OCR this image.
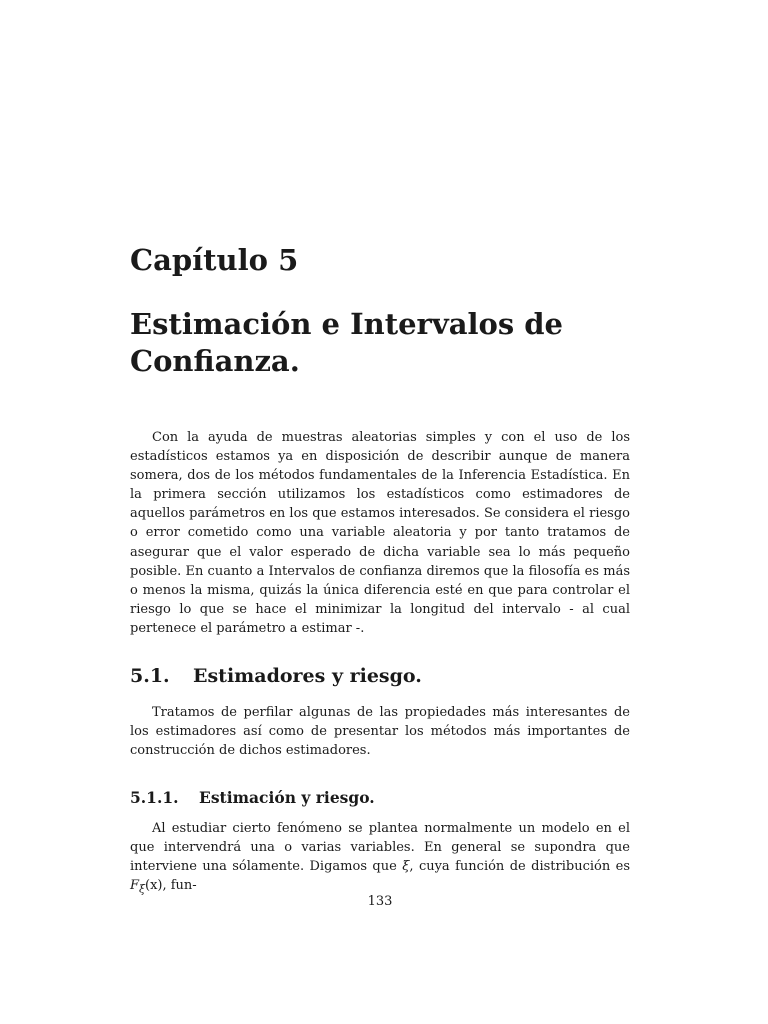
Capítulo 5
Estimación e Intervalos de Confianza.

Con la ayuda de muestras aleatorias simples y con el uso de los estadísticos estamos ya en disposición de describir aunque de manera somera, dos de los métodos fundamentales de la Inferencia Estadística. En la primera sección utilizamos los estadísticos como estimadores de aquellos parámetros en los que estamos interesados. Se considera el riesgo o error cometido como una variable aleatoria y por tanto tratamos de asegurar que el valor esperado de dicha variable sea lo más pequeño posible. En cuanto a Intervalos de confianza diremos que la filosofía es más o menos la misma, quizás la única diferencia esté en que para controlar el riesgo lo que se hace el minimizar la longitud del intervalo - al cual pertenece el parámetro a estimar -.

5.1. Estimadores y riesgo.

Tratamos de perfilar algunas de las propiedades más interesantes de los estimadores así como de presentar los métodos más importantes de construcción de dichos estimadores.

5.1.1. Estimación y riesgo.

Al estudiar cierto fenómeno se plantea normalmente un modelo en el que intervendrá una o varias variables. En general se supondra que interviene una sólamente. Digamos que ξ, cuya función de distribución es $F_\xi(x)$, fun-

133
